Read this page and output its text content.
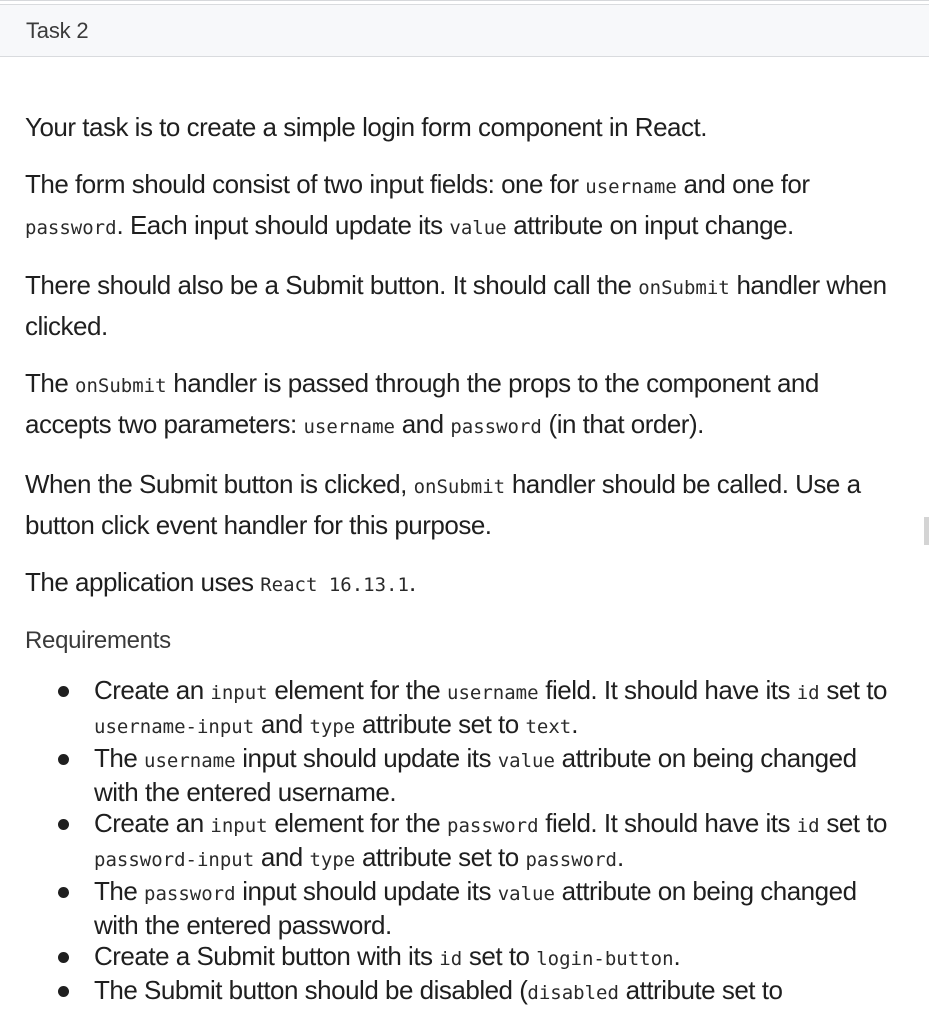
Task 2

Your task is to create a simple login form component in React.

The form should consist of two input fields: one for username and one for password. Each input should update its value attribute on input change.

There should also be a Submit button. It should call the onSubmit handler when clicked.

The onSubmit handler is passed through the props to the component and accepts two parameters: username and password (in that order).

When the Submit button is clicked, onSubmit handler should be called. Use a button click event handler for this purpose.

The application uses React 16.13.1.

Requirements
Create an input element for the username field. It should have its id set to username-input and type attribute set to text.
The username input should update its value attribute on being changed with the entered username.
Create an input element for the password field. It should have its id set to password-input and type attribute set to password.
The password input should update its value attribute on being changed with the entered password.
Create a Submit button with its id set to login-button.
The Submit button should be disabled (disabled attribute set to
